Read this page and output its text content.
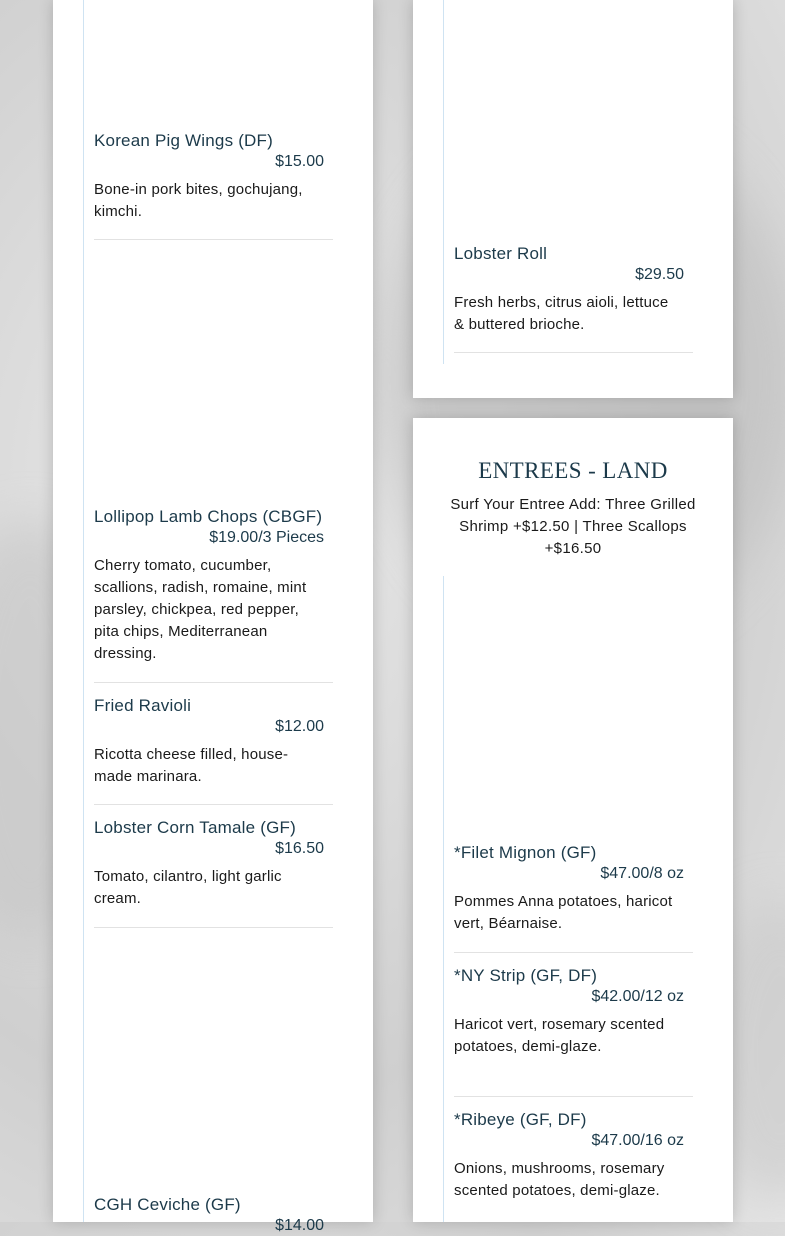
Korean Pig Wings (DF)
$15.00
Bone-in pork bites, gochujang, kimchi.
Lollipop Lamb Chops (CBGF)
$19.00/3 Pieces
Cherry tomato, cucumber, scallions, radish, romaine, mint parsley, chickpea, red pepper, pita chips, Mediterranean dressing.
Fried Ravioli
$12.00
Ricotta cheese filled, house-made marinara.
Lobster Corn Tamale (GF)
$16.50
Tomato, cilantro, light garlic cream.
CGH Ceviche (GF)
$14.00
Lobster Roll
$29.50
Fresh herbs, citrus aioli, lettuce & buttered brioche.
ENTREES - LAND
Surf Your Entree Add: Three Grilled Shrimp +$12.50 | Three Scallops +$16.50
*Filet Mignon (GF)
$47.00/8 oz
Pommes Anna potatoes, haricot vert, Béarnaise.
*NY Strip (GF, DF)
$42.00/12 oz
Haricot vert, rosemary scented potatoes, demi-glaze.
*Ribeye (GF, DF)
$47.00/16 oz
Onions, mushrooms, rosemary scented potatoes, demi-glaze.
